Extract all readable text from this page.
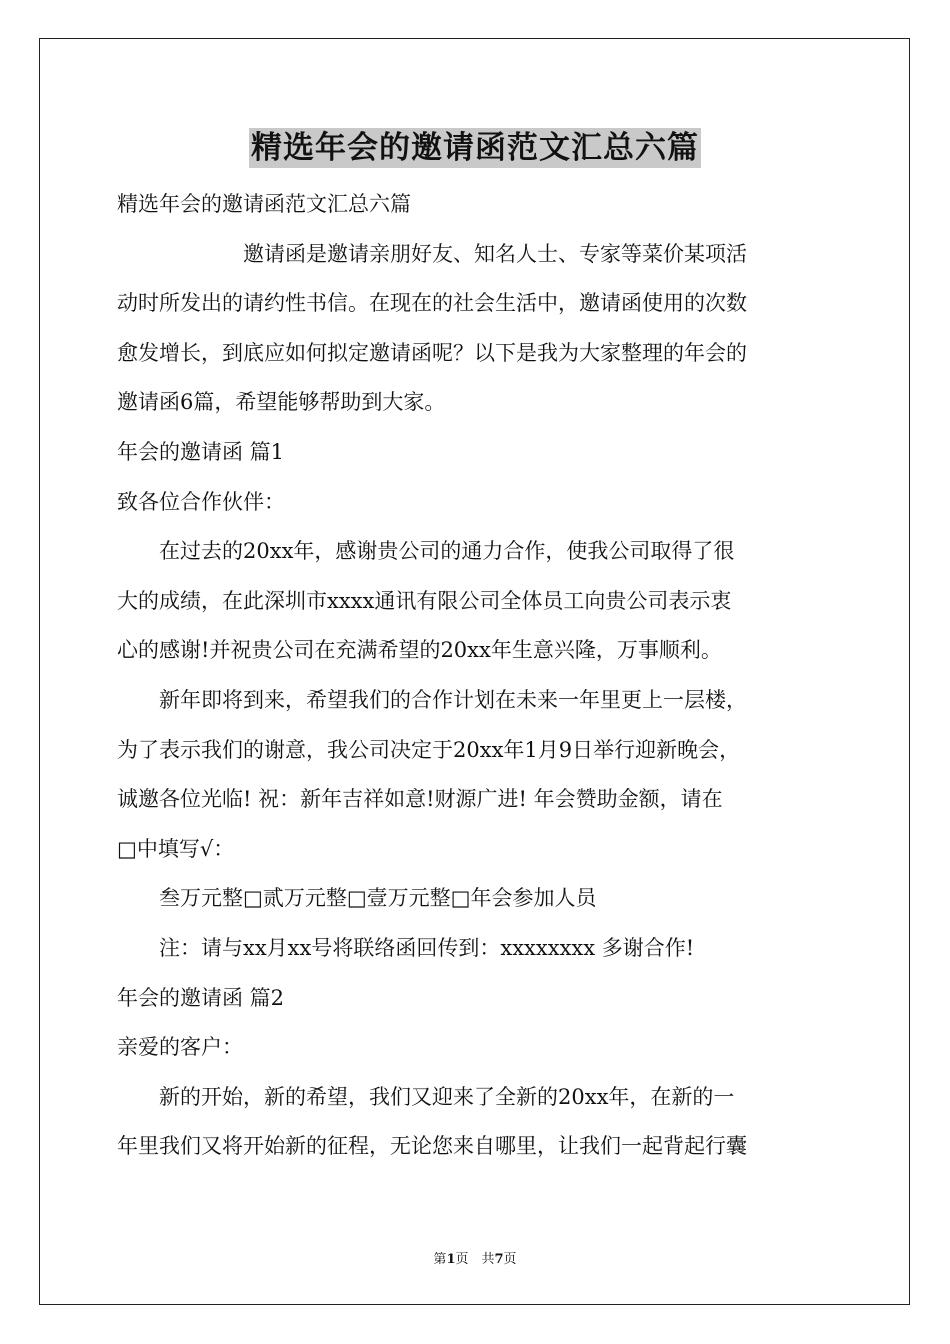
精选年会的邀请函范文汇总六篇
精选年会的邀请函范文汇总六篇
　　　　　　邀请函是邀请亲朋好友、知名人士、专家等菜价某项活
动时所发出的请约性书信。在现在的社会生活中，邀请函使用的次数
愈发增长，到底应如何拟定邀请函呢？以下是我为大家整理的年会的
邀请函6篇，希望能够帮助到大家。
年会的邀请函 篇1
致各位合作伙伴：
　　在过去的20xx年，感谢贵公司的通力合作，使我公司取得了很
大的成绩，在此深圳市xxxx通讯有限公司全体员工向贵公司表示衷
心的感谢!并祝贵公司在充满希望的20xx年生意兴隆，万事顺利。
　　新年即将到来，希望我们的合作计划在未来一年里更上一层楼，
为了表示我们的谢意，我公司决定于20xx年1月9日举行迎新晚会，
诚邀各位光临! 祝：新年吉祥如意!财源广进! 年会赞助金额，请在
□中填写√：
　　叁万元整□贰万元整□壹万元整□年会参加人员
　　注：请与xx月xx号将联络函回传到：xxxxxxxx 多谢合作!
年会的邀请函 篇2
亲爱的客户：
　　新的开始，新的希望，我们又迎来了全新的20xx年，在新的一
年里我们又将开始新的征程，无论您来自哪里，让我们一起背起行囊
第1页　共7页
